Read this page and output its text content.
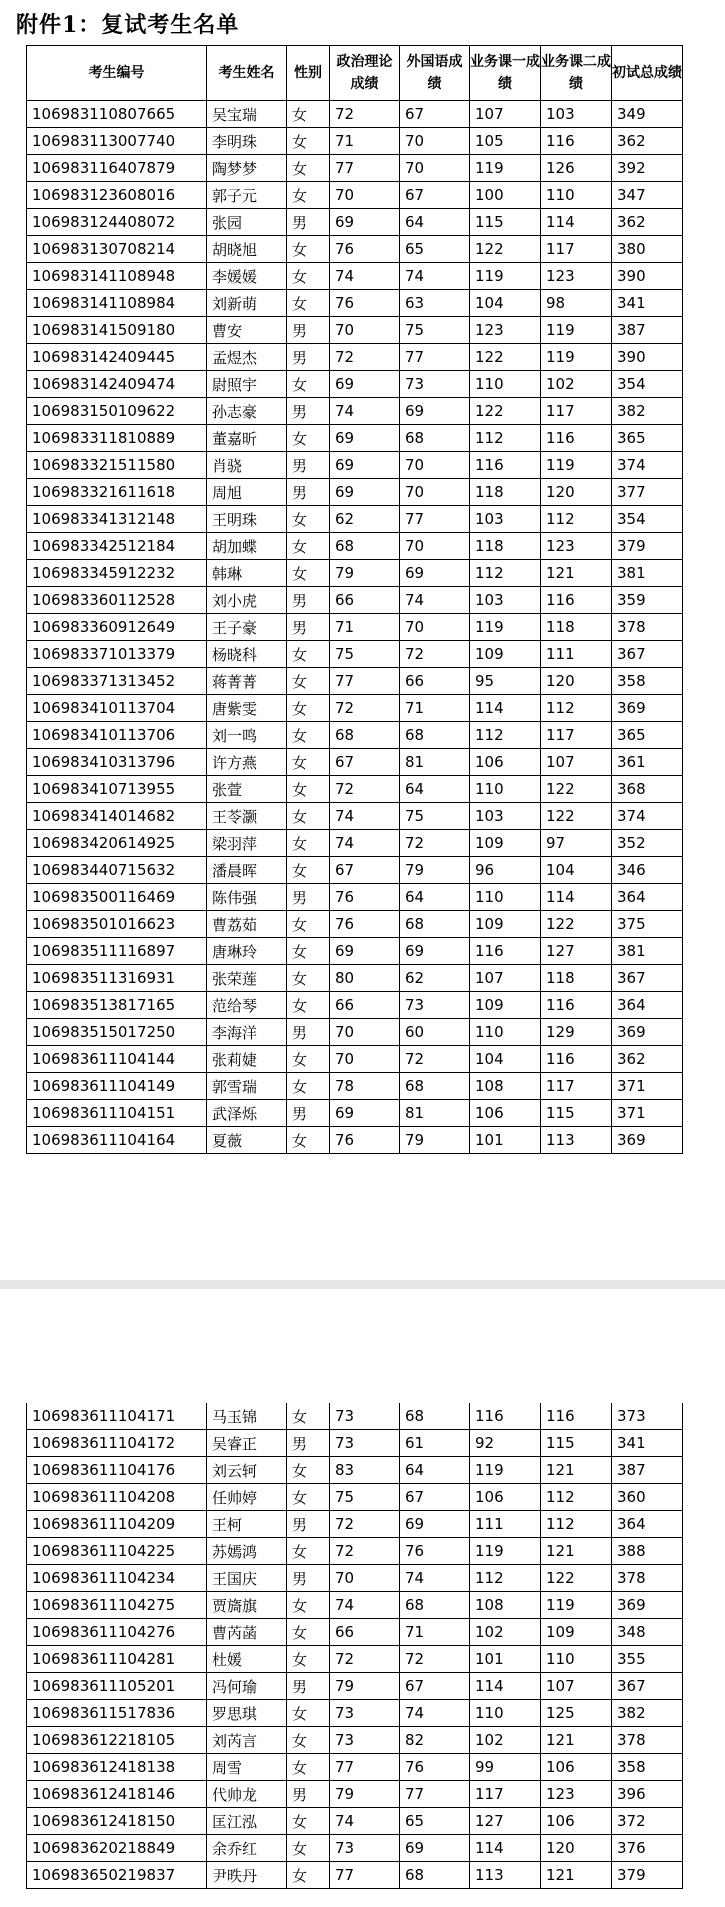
附件1：复试考生名单
考生编号	考生姓名	性别	政治理论成绩	外国语成绩	业务课一成绩	业务课二成绩	初试总成绩
106983110807665	吴宝瑞	女	72	67	107	103	349
106983113007740	李明珠	女	71	70	105	116	362
106983116407879	陶梦梦	女	77	70	119	126	392
106983123608016	郭子元	女	70	67	100	110	347
106983124408072	张园	男	69	64	115	114	362
106983130708214	胡晓旭	女	76	65	122	117	380
106983141108948	李媛媛	女	74	74	119	123	390
106983141108984	刘新萌	女	76	63	104	98	341
106983141509180	曹安	男	70	75	123	119	387
106983142409445	孟煜杰	男	72	77	122	119	390
106983142409474	尉照宇	女	69	73	110	102	354
106983150109622	孙志豪	男	74	69	122	117	382
106983311810889	董嘉昕	女	69	68	112	116	365
106983321511580	肖骁	男	69	70	116	119	374
106983321611618	周旭	男	69	70	118	120	377
106983341312148	王明珠	女	62	77	103	112	354
106983342512184	胡加蝶	女	68	70	118	123	379
106983345912232	韩琳	女	79	69	112	121	381
106983360112528	刘小虎	男	66	74	103	116	359
106983360912649	王子豪	男	71	70	119	118	378
106983371013379	杨晓科	女	75	72	109	111	367
106983371313452	蒋菁菁	女	77	66	95	120	358
106983410113704	唐紫雯	女	72	71	114	112	369
106983410113706	刘一鸣	女	68	68	112	117	365
106983410313796	许方燕	女	67	81	106	107	361
106983410713955	张萱	女	72	64	110	122	368
106983414014682	王苓灏	女	74	75	103	122	374
106983420614925	梁羽萍	女	74	72	109	97	352
106983440715632	潘晨晖	女	67	79	96	104	346
106983500116469	陈伟强	男	76	64	110	114	364
106983501016623	曹荔茹	女	76	68	109	122	375
106983511116897	唐琳玲	女	69	69	116	127	381
106983511316931	张荣莲	女	80	62	107	118	367
106983513817165	范给琴	女	66	73	109	116	364
106983515017250	李海洋	男	70	60	110	129	369
106983611104144	张莉婕	女	70	72	104	116	362
106983611104149	郭雪瑞	女	78	68	108	117	371
106983611104151	武泽烁	男	69	81	106	115	371
106983611104164	夏薇	女	76	79	101	113	369
106983611104171	马玉锦	女	73	68	116	116	373
106983611104172	吴睿正	男	73	61	92	115	341
106983611104176	刘云轲	女	83	64	119	121	387
106983611104208	任帅婷	女	75	67	106	112	360
106983611104209	王柯	男	72	69	111	112	364
106983611104225	苏嫣鸿	女	72	76	119	121	388
106983611104234	王国庆	男	70	74	112	122	378
106983611104275	贾旖旗	女	74	68	108	119	369
106983611104276	曹芮菡	女	66	71	102	109	348
106983611104281	杜媛	女	72	72	101	110	355
106983611105201	冯何瑜	男	79	67	114	107	367
106983611517836	罗思琪	女	73	74	110	125	382
106983612218105	刘芮言	女	73	82	102	121	378
106983612418138	周雪	女	77	76	99	106	358
106983612418146	代帅龙	男	79	77	117	123	396
106983612418150	匡江泓	女	74	65	127	106	372
106983620218849	余乔红	女	73	69	114	120	376
106983650219837	尹昳丹	女	77	68	113	121	379
